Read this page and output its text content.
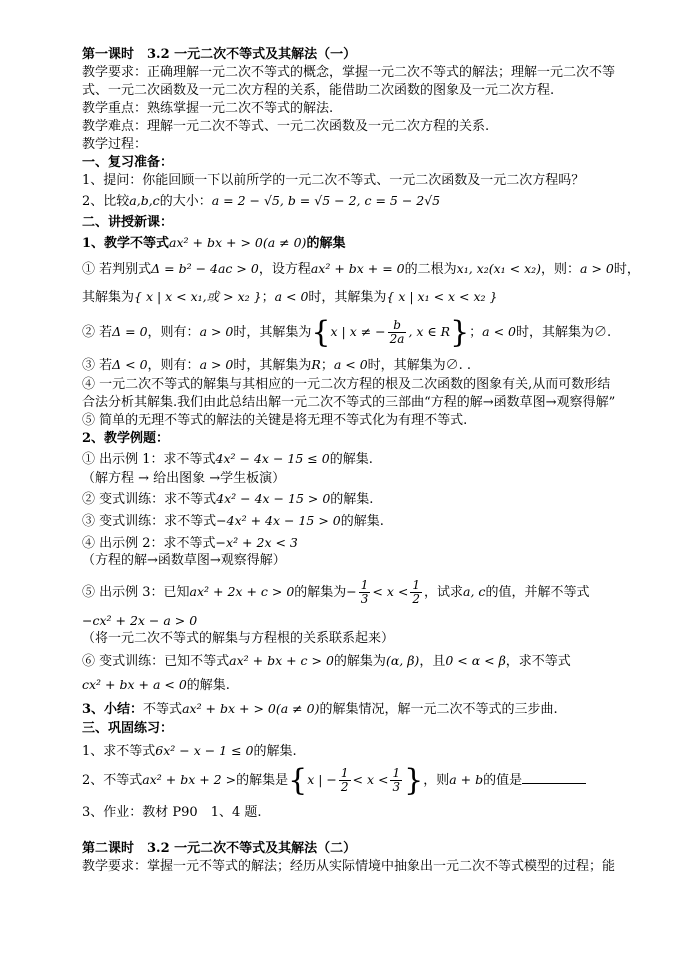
第一课时　3.2 一元二次不等式及其解法（一）
教学要求：正确理解一元二次不等式的概念，掌握一元二次不等式的解法；理解一元二次不等
式、一元二次函数及一元二次方程的关系，能借助二次函数的图象及一元二次方程.
教学重点：熟练掌握一元二次不等式的解法.
教学难点：理解一元二次不等式、一元二次函数及一元二次方程的关系.
教学过程：
一、复习准备：
1、提问：你能回顾一下以前所学的一元二次不等式、一元二次函数及一元二次方程吗？
2、比较a,b,c的大小：a = 2 − √5, b = √5 − 2, c = 5 − 2√5
二、讲授新课：
1、教学不等式ax² + bx + > 0(a ≠ 0)的解集
① 若判别式Δ = b² − 4ac > 0，设方程ax² + bx + = 0的二根为x₁, x₂(x₁ < x₂)，则：a > 0时，
其解集为{ x | x < x₁,或 > x₂ }；a < 0时，其解集为{ x | x₁ < x < x₂ }
② 若Δ = 0，则有：a > 0时，其解集为{x | x ≠ − $\frac{b}{2a}$ , x ∈ R}；a < 0时，其解集为∅.
③ 若Δ < 0，则有：a > 0时，其解集为R；a < 0时，其解集为∅. .
④ 一元二次不等式的解集与其相应的一元二次方程的根及二次函数的图象有关,从而可数形结
合法分析其解集.我们由此总结出解一元二次不等式的三部曲“方程的解→函数草图→观察得解”
⑤ 简单的无理不等式的解法的关键是将无理不等式化为有理不等式.
2、教学例题：
① 出示例 1：求不等式4x² − 4x − 15 ≤ 0的解集.
（解方程 → 给出图象 →学生板演）
② 变式训练：求不等式4x² − 4x − 15 > 0的解集.
③ 变式训练：求不等式−4x² + 4x − 15 > 0的解集.
④ 出示例 2：求不等式−x² + 2x < 3
（方程的解→函数草图→观察得解）
⑤ 出示例 3：已知ax² + 2x + c > 0的解集为− $\frac{1}{3} < x < \frac{1}{2}$ ，试求a, c的值，并解不等式
−cx² + 2x − a > 0
（将一元二次不等式的解集与方程根的关系联系起来）
⑥ 变式训练：已知不等式ax² + bx + c > 0的解集为(α, β)，且0 < α < β，求不等式
cx² + bx + a < 0的解集.
3、小结：不等式ax² + bx + > 0(a ≠ 0)的解集情况，解一元二次不等式的三步曲.
三、巩固练习：
1、求不等式6x² − x − 1 ≤ 0的解集.
2、不等式ax² + bx + 2 >的解集是{x | − $\frac{1}{2} < x < \frac{1}{3}$ }，则a + b的值是
3、作业：教材 P90　1、4 题.
第二课时　3.2 一元二次不等式及其解法（二）
教学要求：掌握一元不等式的解法；经历从实际情境中抽象出一元二次不等式模型的过程；能
